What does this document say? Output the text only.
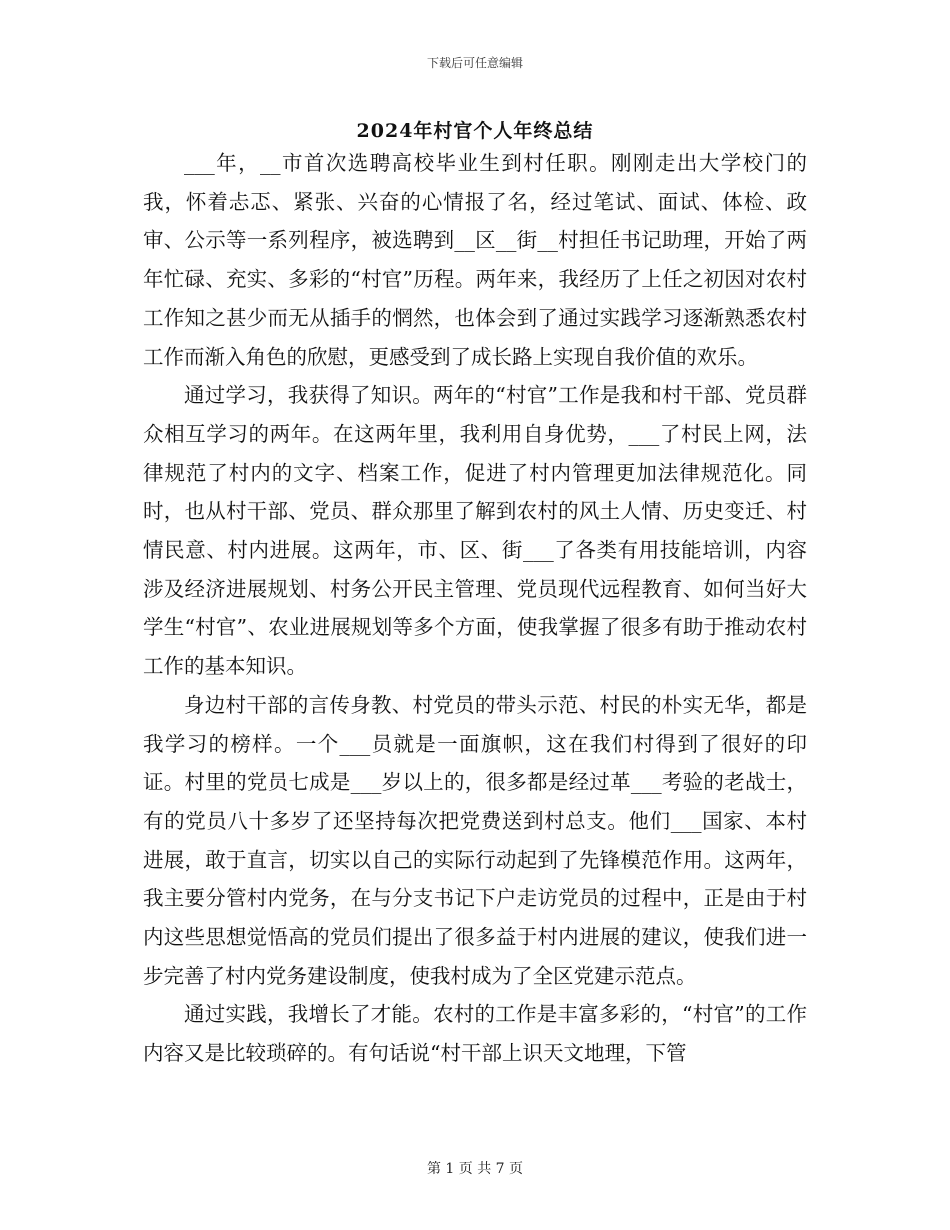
下载后可任意编辑
2024年村官个人年终总结

___年，__市首次选聘高校毕业生到村任职。刚刚走出大学校门的我，怀着忐忑、紧张、兴奋的心情报了名，经过笔试、面试、体检、政审、公示等一系列程序，被选聘到__区__街__村担任书记助理，开始了两年忙碌、充实、多彩的“村官”历程。两年来，我经历了上任之初因对农村工作知之甚少而无从插手的惘然，也体会到了通过实践学习逐渐熟悉农村工作而渐入角色的欣慰，更感受到了成长路上实现自我价值的欢乐。

通过学习，我获得了知识。两年的“村官”工作是我和村干部、党员群众相互学习的两年。在这两年里，我利用自身优势，___了村民上网，法律规范了村内的文字、档案工作，促进了村内管理更加法律规范化。同时，也从村干部、党员、群众那里了解到农村的风土人情、历史变迁、村情民意、村内进展。这两年，市、区、街___了各类有用技能培训，内容涉及经济进展规划、村务公开民主管理、党员现代远程教育、如何当好大学生“村官”、农业进展规划等多个方面，使我掌握了很多有助于推动农村工作的基本知识。

身边村干部的言传身教、村党员的带头示范、村民的朴实无华，都是我学习的榜样。一个___员就是一面旗帜，这在我们村得到了很好的印证。村里的党员七成是___岁以上的，很多都是经过革___考验的老战士，有的党员八十多岁了还坚持每次把党费送到村总支。他们___国家、本村进展，敢于直言，切实以自己的实际行动起到了先锋模范作用。这两年，我主要分管村内党务，在与分支书记下户走访党员的过程中，正是由于村内这些思想觉悟高的党员们提出了很多益于村内进展的建议，使我们进一步完善了村内党务建设制度，使我村成为了全区党建示范点。

通过实践，我增长了才能。农村的工作是丰富多彩的，“村官”的工作内容又是比较琐碎的。有句话说“村干部上识天文地理，下管

第 1 页 共 7 页
